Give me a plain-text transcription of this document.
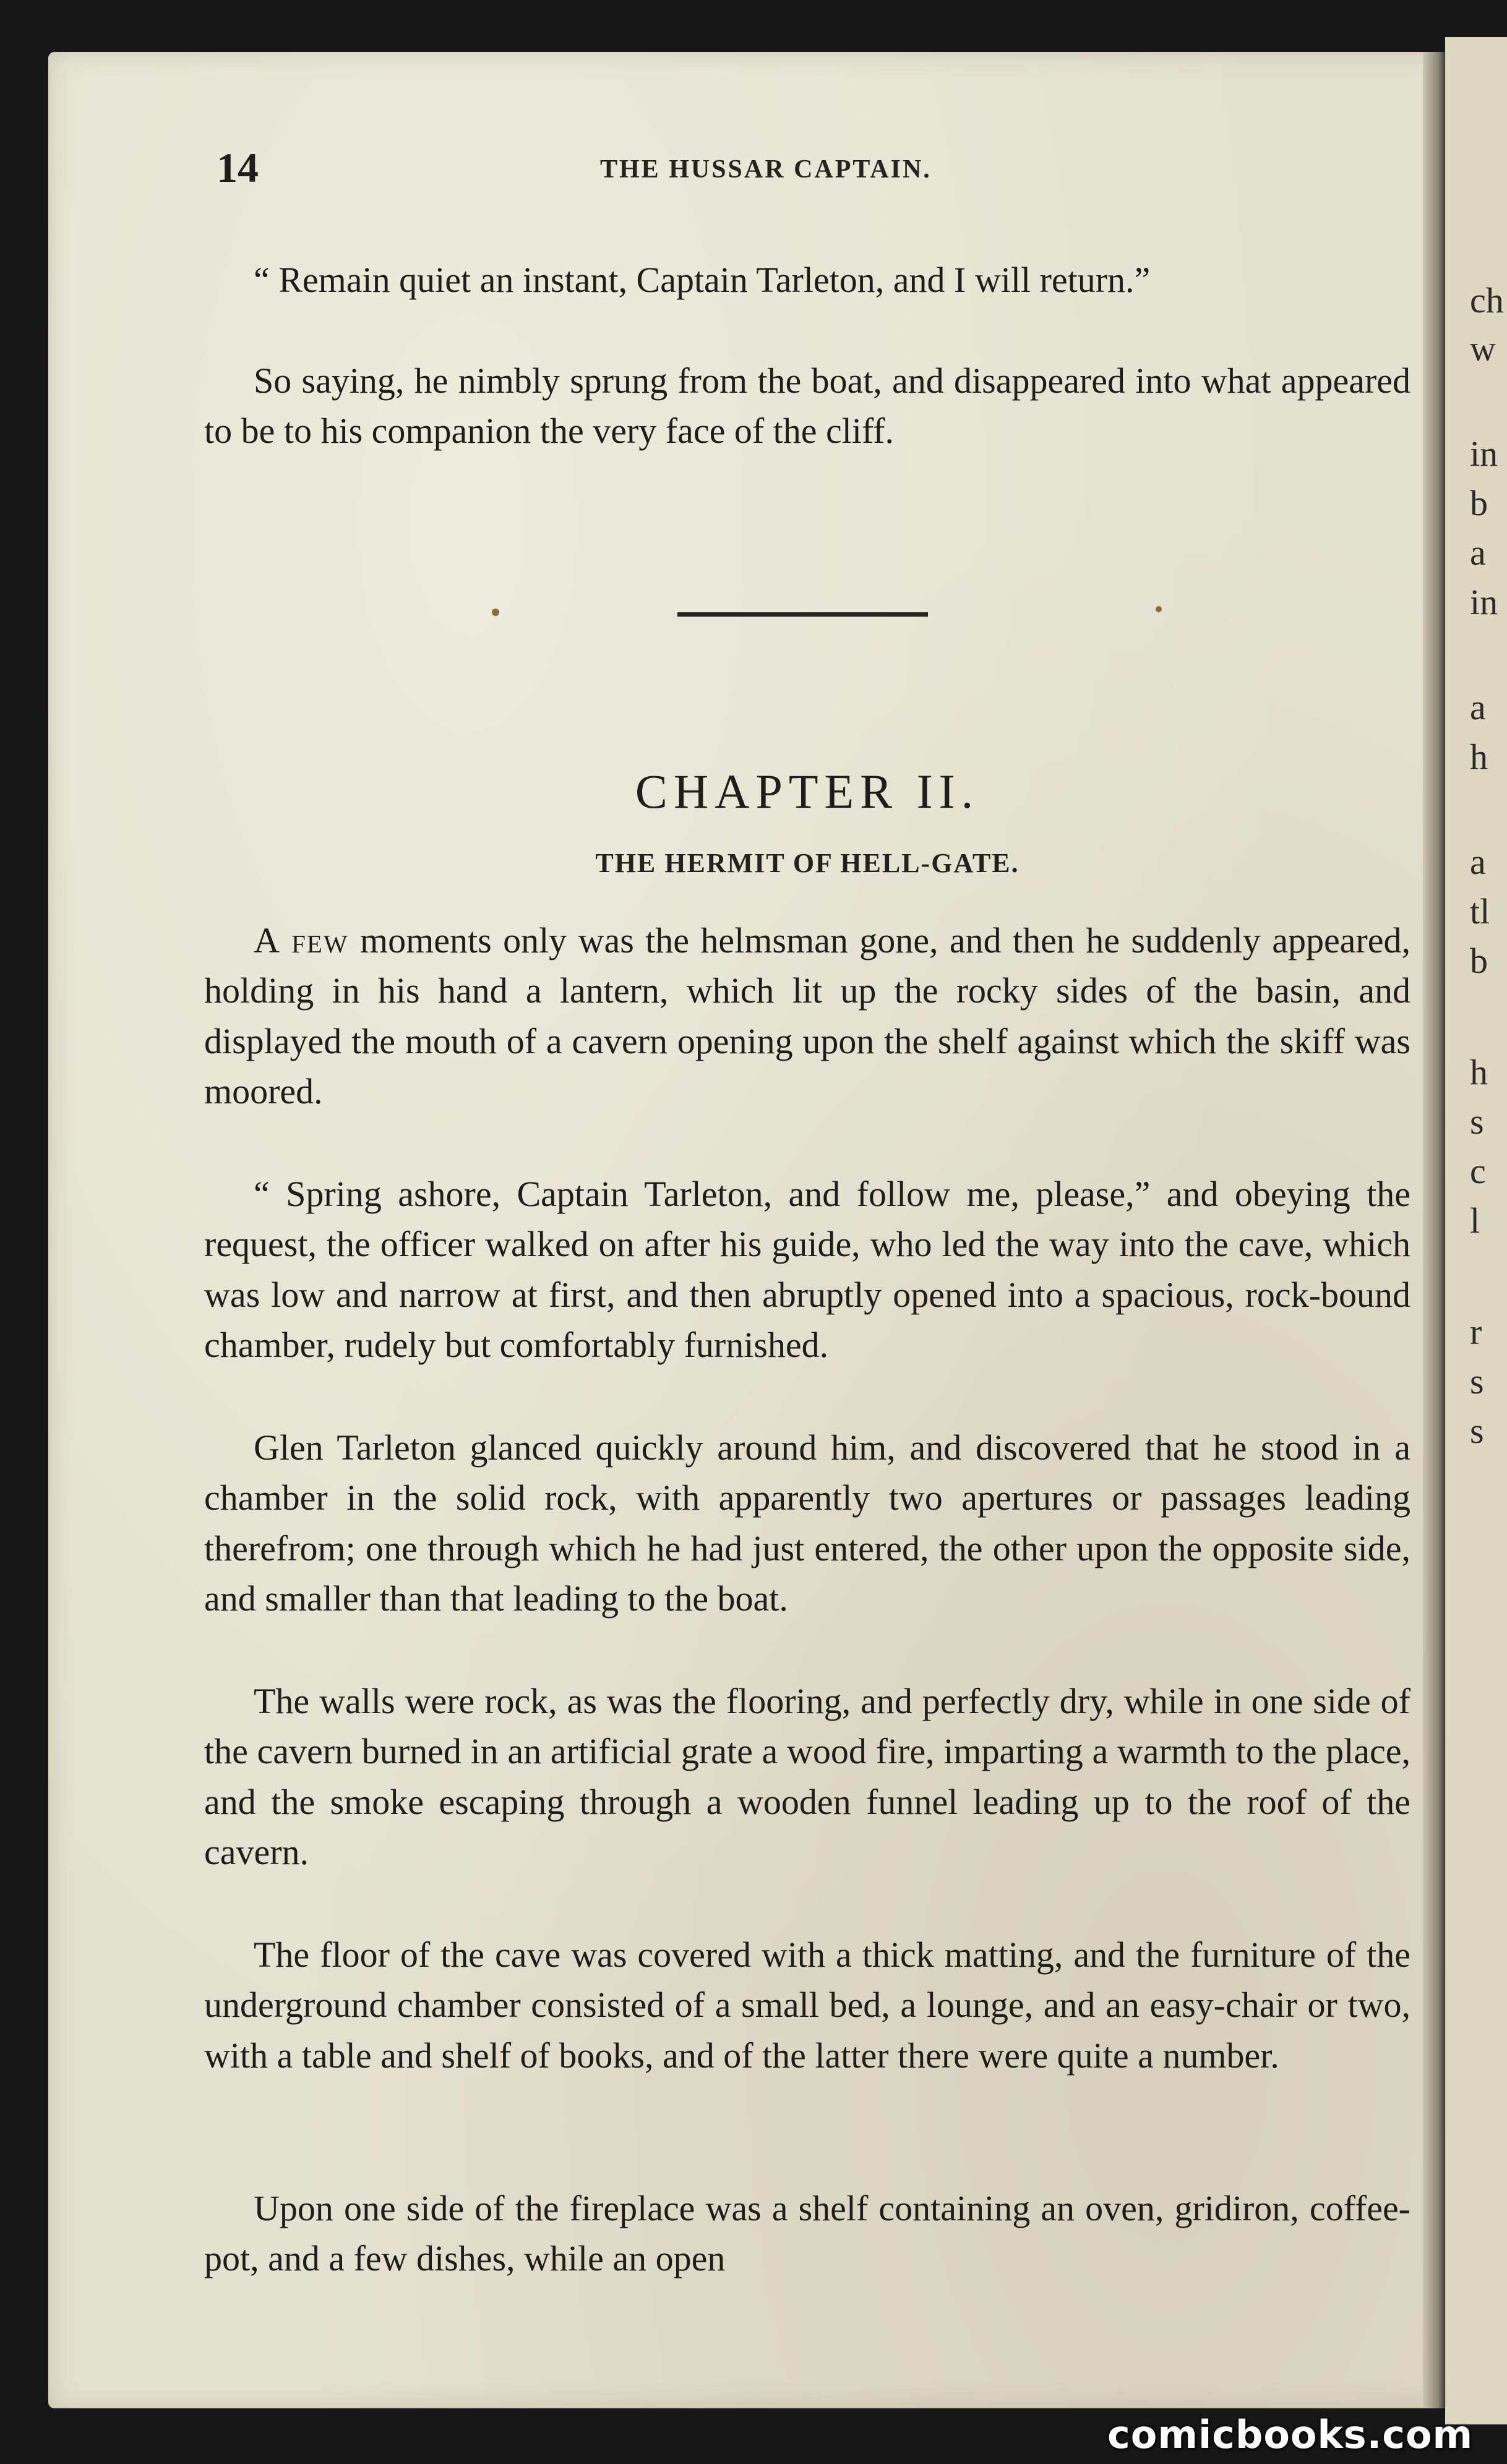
ch
w
in
b
a
in
a
h
a
tl
b
h
s
c
l
r
s
s
14	THE HUSSAR CAPTAIN.

“ Remain quiet an instant, Captain Tarleton, and I will return.”

So saying, he nimbly sprung from the boat, and disappeared into what appeared to be to his companion the very face of the cliff.

CHAPTER II.
THE HERMIT OF HELL-GATE.

A few moments only was the helmsman gone, and then he suddenly appeared, holding in his hand a lantern, which lit up the rocky sides of the basin, and displayed the mouth of a cavern opening upon the shelf against which the skiff was moored.

“ Spring ashore, Captain Tarleton, and follow me, please,” and obeying the request, the officer walked on after his guide, who led the way into the cave, which was low and narrow at first, and then abruptly opened into a spacious, rock-bound chamber, rudely but comfortably furnished.

Glen Tarleton glanced quickly around him, and discovered that he stood in a chamber in the solid rock, with apparently two apertures or passages leading therefrom; one through which he had just entered, the other upon the opposite side, and smaller than that leading to the boat.

The walls were rock, as was the flooring, and perfectly dry, while in one side of the cavern burned in an artificial grate a wood fire, imparting a warmth to the place, and the smoke escaping through a wooden funnel leading up to the roof of the cavern.

The floor of the cave was covered with a thick matting, and the furniture of the underground chamber consisted of a small bed, a lounge, and an easy-chair or two, with a table and shelf of books, and of the latter there were quite a number.

Upon one side of the fireplace was a shelf containing an oven, gridiron, coffee-pot, and a few dishes, while an open

comicbooks.com
